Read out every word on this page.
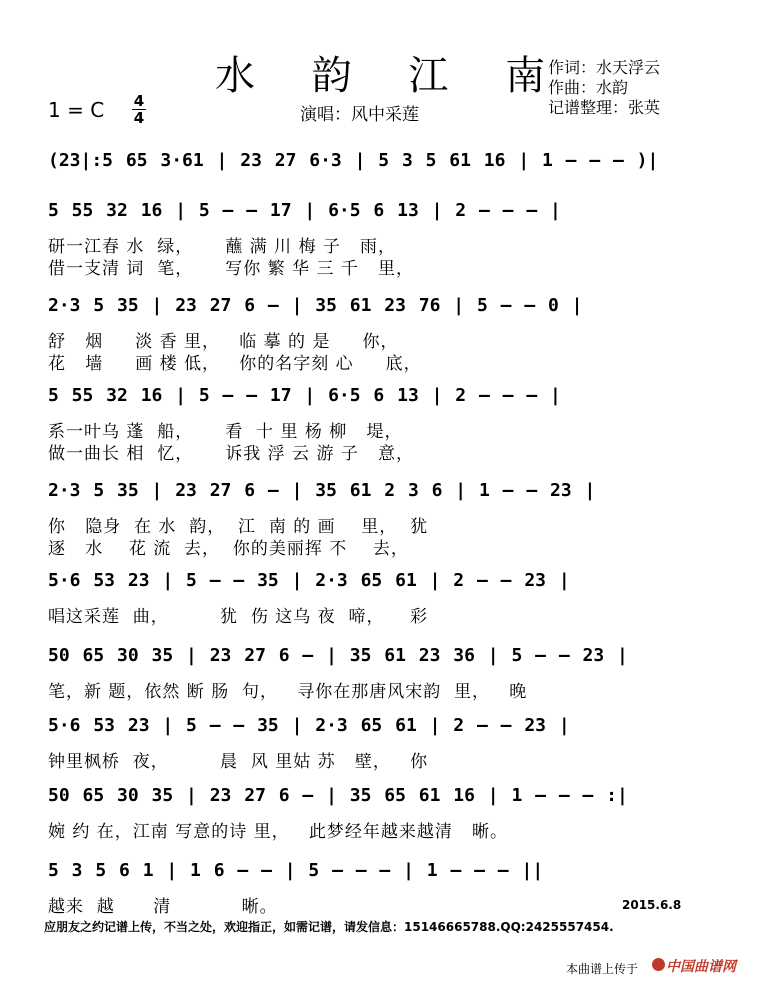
水 韵 江 南
作词：水天浮云
作曲：水韵
记谱整理：张英
1 = C 4
4	演唱：风中采莲
(23|:5 65 3·61 | 23 27 6·3 | 5 3 5 61 16 | 1 — — — )|
5 55 32 16 | 5 — — 17 | 6·5 6 13 | 2 — — — |
研一江春 水  绿，     蘸 满 川 梅 子   雨，
借一支清 词  笔，     写你 繁 华 三 千   里，
2·3 5 35 | 23 27 6 — | 35 61 23 76 | 5 — — 0 |
舒   烟     淡 香 里，   临 摹 的 是     你，
花   墙     画 楼 低，   你的名字刻 心     底，
5 55 32 16 | 5 — — 17 | 6·5 6 13 | 2 — — — |
系一叶乌 蓬  船，     看  十 里 杨 柳   堤，
做一曲长 相  忆，     诉我 浮 云 游 子   意，
2·3 5 35 | 23 27 6 — | 35 61 2 3 6 | 1 — — 23 |
你   隐身  在 水  韵，  江  南 的 画    里，  犹
逐   水    花 流  去，  你的美丽挥 不    去，
5·6 53 23 | 5 — — 35 | 2·3 65 61 | 2 — — 23 |
唱这采莲  曲，        犹  伤 这乌 夜  啼，    彩
50 65 30 35 | 23 27 6 — | 35 61 23 36 | 5 — — 23 |
笔，新 题，依然 断 肠  句，   寻你在那唐风宋韵  里，   晚
5·6 53 23 | 5 — — 35 | 2·3 65 61 | 2 — — 23 |
钟里枫桥  夜，        晨  风 里姑 苏   壁，   你
50 65 30 35 | 23 27 6 — | 35 65 61 16 | 1 — — — :|
婉 约 在，江南 写意的诗 里，   此梦经年越来越清   晰。
5 3 5 6 1 | 1 6 — — | 5 — — — | 1 — — — ||
越来  越      清           晰。	2015.6.8
应朋友之约记谱上传，不当之处，欢迎指正，如需记谱，请发信息：15146665788.QQ:2425557454.
本曲谱上传于 中国曲谱网
